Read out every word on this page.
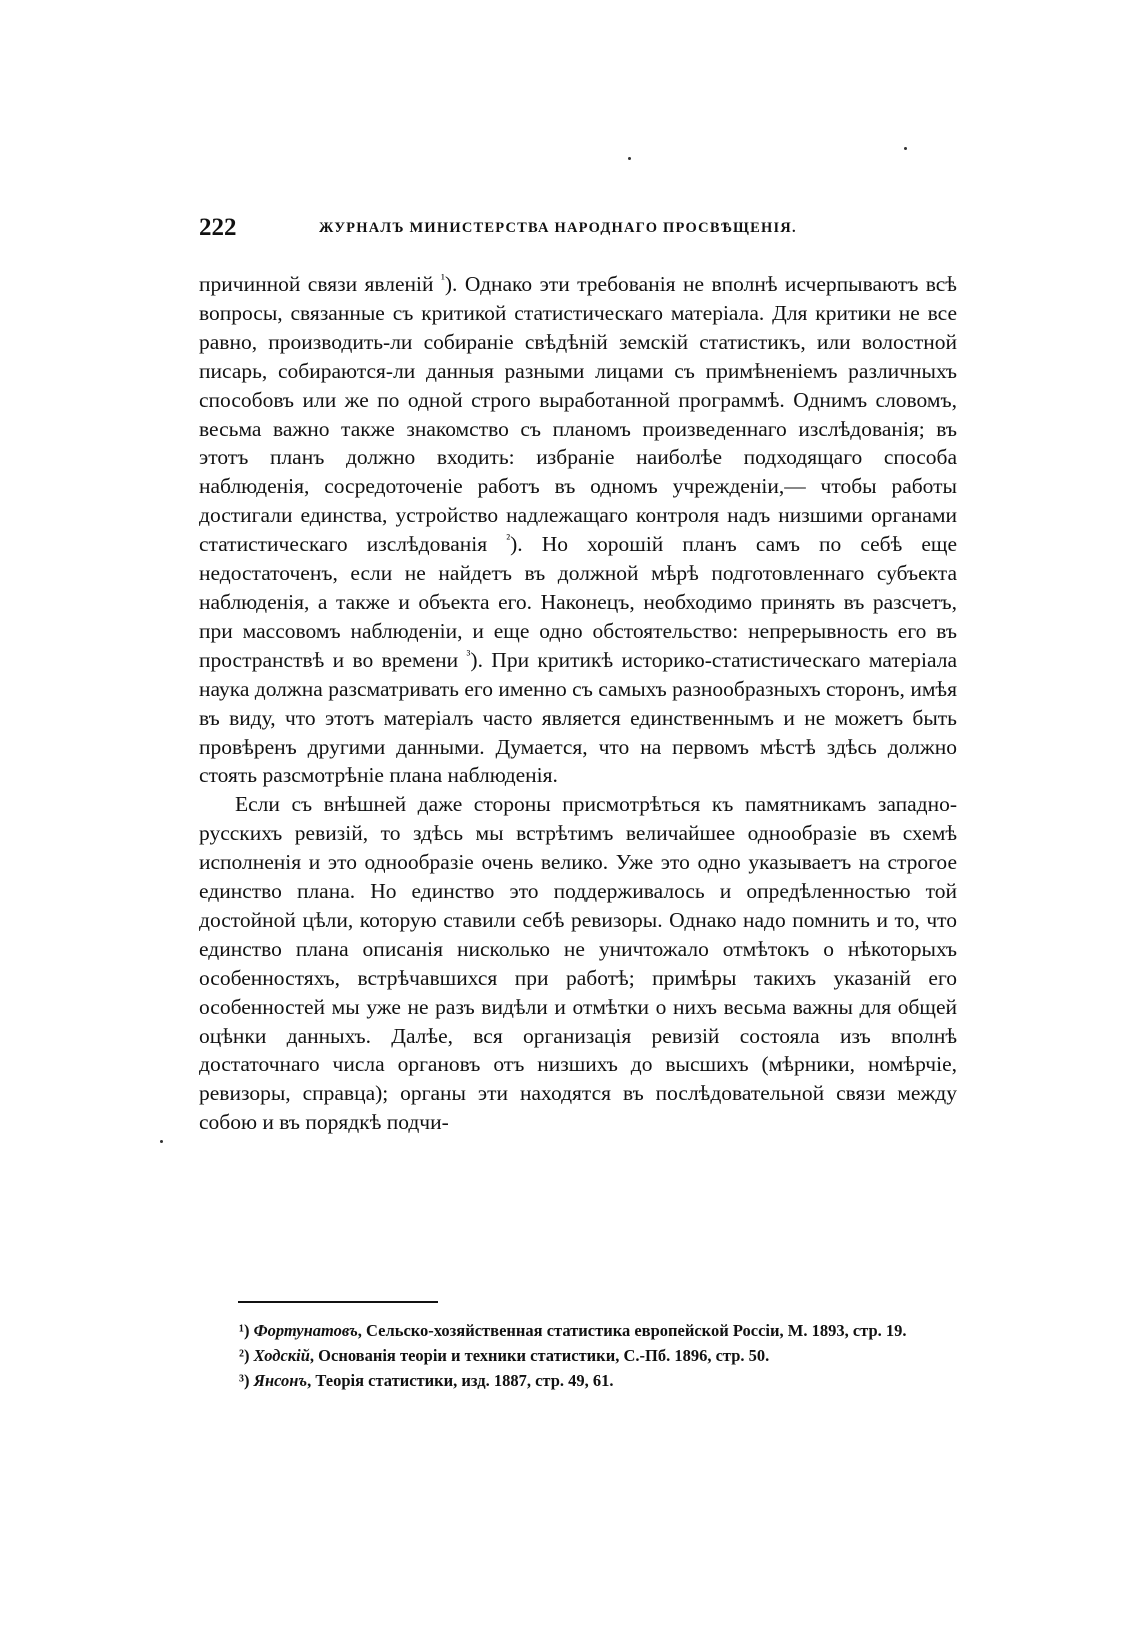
222	ЖУРНАЛЪ МИНИСТЕРСТВА НАРОДНАГО ПРОСВѢЩЕНІЯ.

причинной связи явленій $^{^1}$). Однако эти требованія не вполнѣ исчерпываютъ всѣ вопросы, связанные съ критикой статистическаго матеріала. Для критики не все равно, производить-ли собираніе свѣдѣній земскій статистикъ, или волостной писарь, собираются-ли данныя разными лицами съ примѣненіемъ различныхъ способовъ или же по одной строго выработанной программѣ. Однимъ словомъ, весьма важно также знакомство съ планомъ произведеннаго изслѣдованія; въ этотъ планъ должно входить: избраніе наиболѣе подходящаго способа наблюденія, сосредоточеніе работъ въ одномъ учрежденіи,— чтобы работы достигали единства, устройство надлежащаго контроля надъ низшими органами статистическаго изслѣдованія $^{^2}$). Но хорошій планъ самъ по себѣ еще недостаточенъ, если не найдетъ въ должной мѣрѣ подготовленнаго субъекта наблюденія, а также и объекта его. Наконецъ, необходимо принять въ разсчетъ, при массовомъ наблюденіи, и еще одно обстоятельство: непрерывность его въ пространствѣ и во времени $^{^3}$). При критикѣ историко-статистическаго матеріала наука должна разсматривать его именно съ самыхъ разнообразныхъ сторонъ, имѣя въ виду, что этотъ матеріалъ часто является единственнымъ и не можетъ быть провѣренъ другими данными. Думается, что на первомъ мѣстѣ здѣсь должно стоять разсмотрѣніе плана наблюденія.

Если съ внѣшней даже стороны присмотрѣться къ памятникамъ западно-русскихъ ревизій, то здѣсь мы встрѣтимъ величайшее однообразіе въ схемѣ исполненія и это однообразіе очень велико. Уже это одно указываетъ на строгое единство плана. Но единство это поддерживалось и опредѣленностью той достойной цѣли, которую ставили себѣ ревизоры. Однако надо помнить и то, что единство плана описанія нисколько не уничтожало отмѣтокъ о нѣкоторыхъ особенностяхъ, встрѣчавшихся при работѣ; примѣры такихъ указаній его особенностей мы уже не разъ видѣли и отмѣтки о нихъ весьма важны для общей оцѣнки данныхъ. Далѣе, вся организація ревизій состояла изъ вполнѣ достаточнаго числа органовъ отъ низшихъ до высшихъ (мѣрники, номѣрчіе, ревизоры, справца); органы эти находятся въ послѣдовательной связи между собою и въ порядкѣ подчи-

¹) Фортунатовъ, Сельско-хозяйственная статистика европейской Россіи, М. 1893, стр. 19.

²) Ходскій, Основанія теоріи и техники статистики, С.-Пб. 1896, стр. 50.

³) Янсонъ, Теорія статистики, изд. 1887, стр. 49, 61.
